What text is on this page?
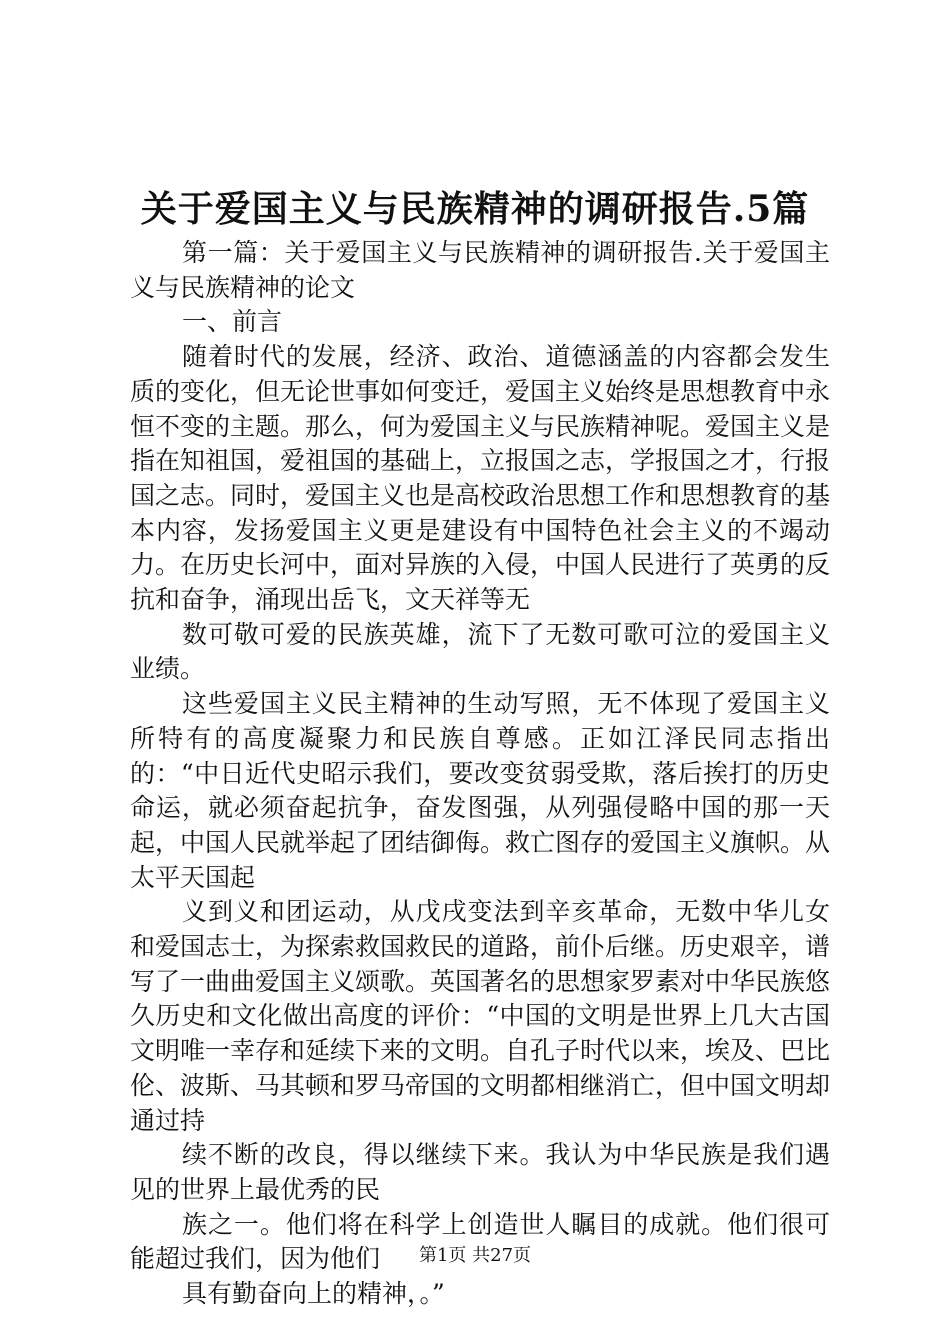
关于爱国主义与民族精神的调研报告.5篇

第一篇：关于爱国主义与民族精神的调研报告.关于爱国主义与民族精神的论文

一、前言

随着时代的发展，经济、政治、道德涵盖的内容都会发生质的变化，但无论世事如何变迁，爱国主义始终是思想教育中永恒不变的主题。那么，何为爱国主义与民族精神呢。爱国主义是指在知祖国，爱祖国的基础上，立报国之志，学报国之才，行报国之志。同时，爱国主义也是高校政治思想工作和思想教育的基本内容，发扬爱国主义更是建设有中国特色社会主义的不竭动力。在历史长河中，面对异族的入侵，中国人民进行了英勇的反抗和奋争，涌现出岳飞，文天祥等无

数可敬可爱的民族英雄，流下了无数可歌可泣的爱国主义业绩。

这些爱国主义民主精神的生动写照，无不体现了爱国主义所特有的高度凝聚力和民族自尊感。正如江泽民同志指出的：“中日近代史昭示我们，要改变贫弱受欺，落后挨打的历史命运，就必须奋起抗争，奋发图强，从列强侵略中国的那一天起，中国人民就举起了团结御侮。救亡图存的爱国主义旗帜。从太平天国起

义到义和团运动，从戊戌变法到辛亥革命，无数中华儿女和爱国志士，为探索救国救民的道路，前仆后继。历史艰辛，谱写了一曲曲爱国主义颂歌。英国著名的思想家罗素对中华民族悠久历史和文化做出高度的评价：“中国的文明是世界上几大古国文明唯一幸存和延续下来的文明。自孔子时代以来，埃及、巴比伦、波斯、马其顿和罗马帝国的文明都相继消亡，但中国文明却通过持

续不断的改良，得以继续下来。我认为中华民族是我们遇见的世界上最优秀的民

族之一。他们将在科学上创造世人瞩目的成就。他们很可能超过我们，因为他们

具有勤奋向上的精神，。”

第1页 共27页
